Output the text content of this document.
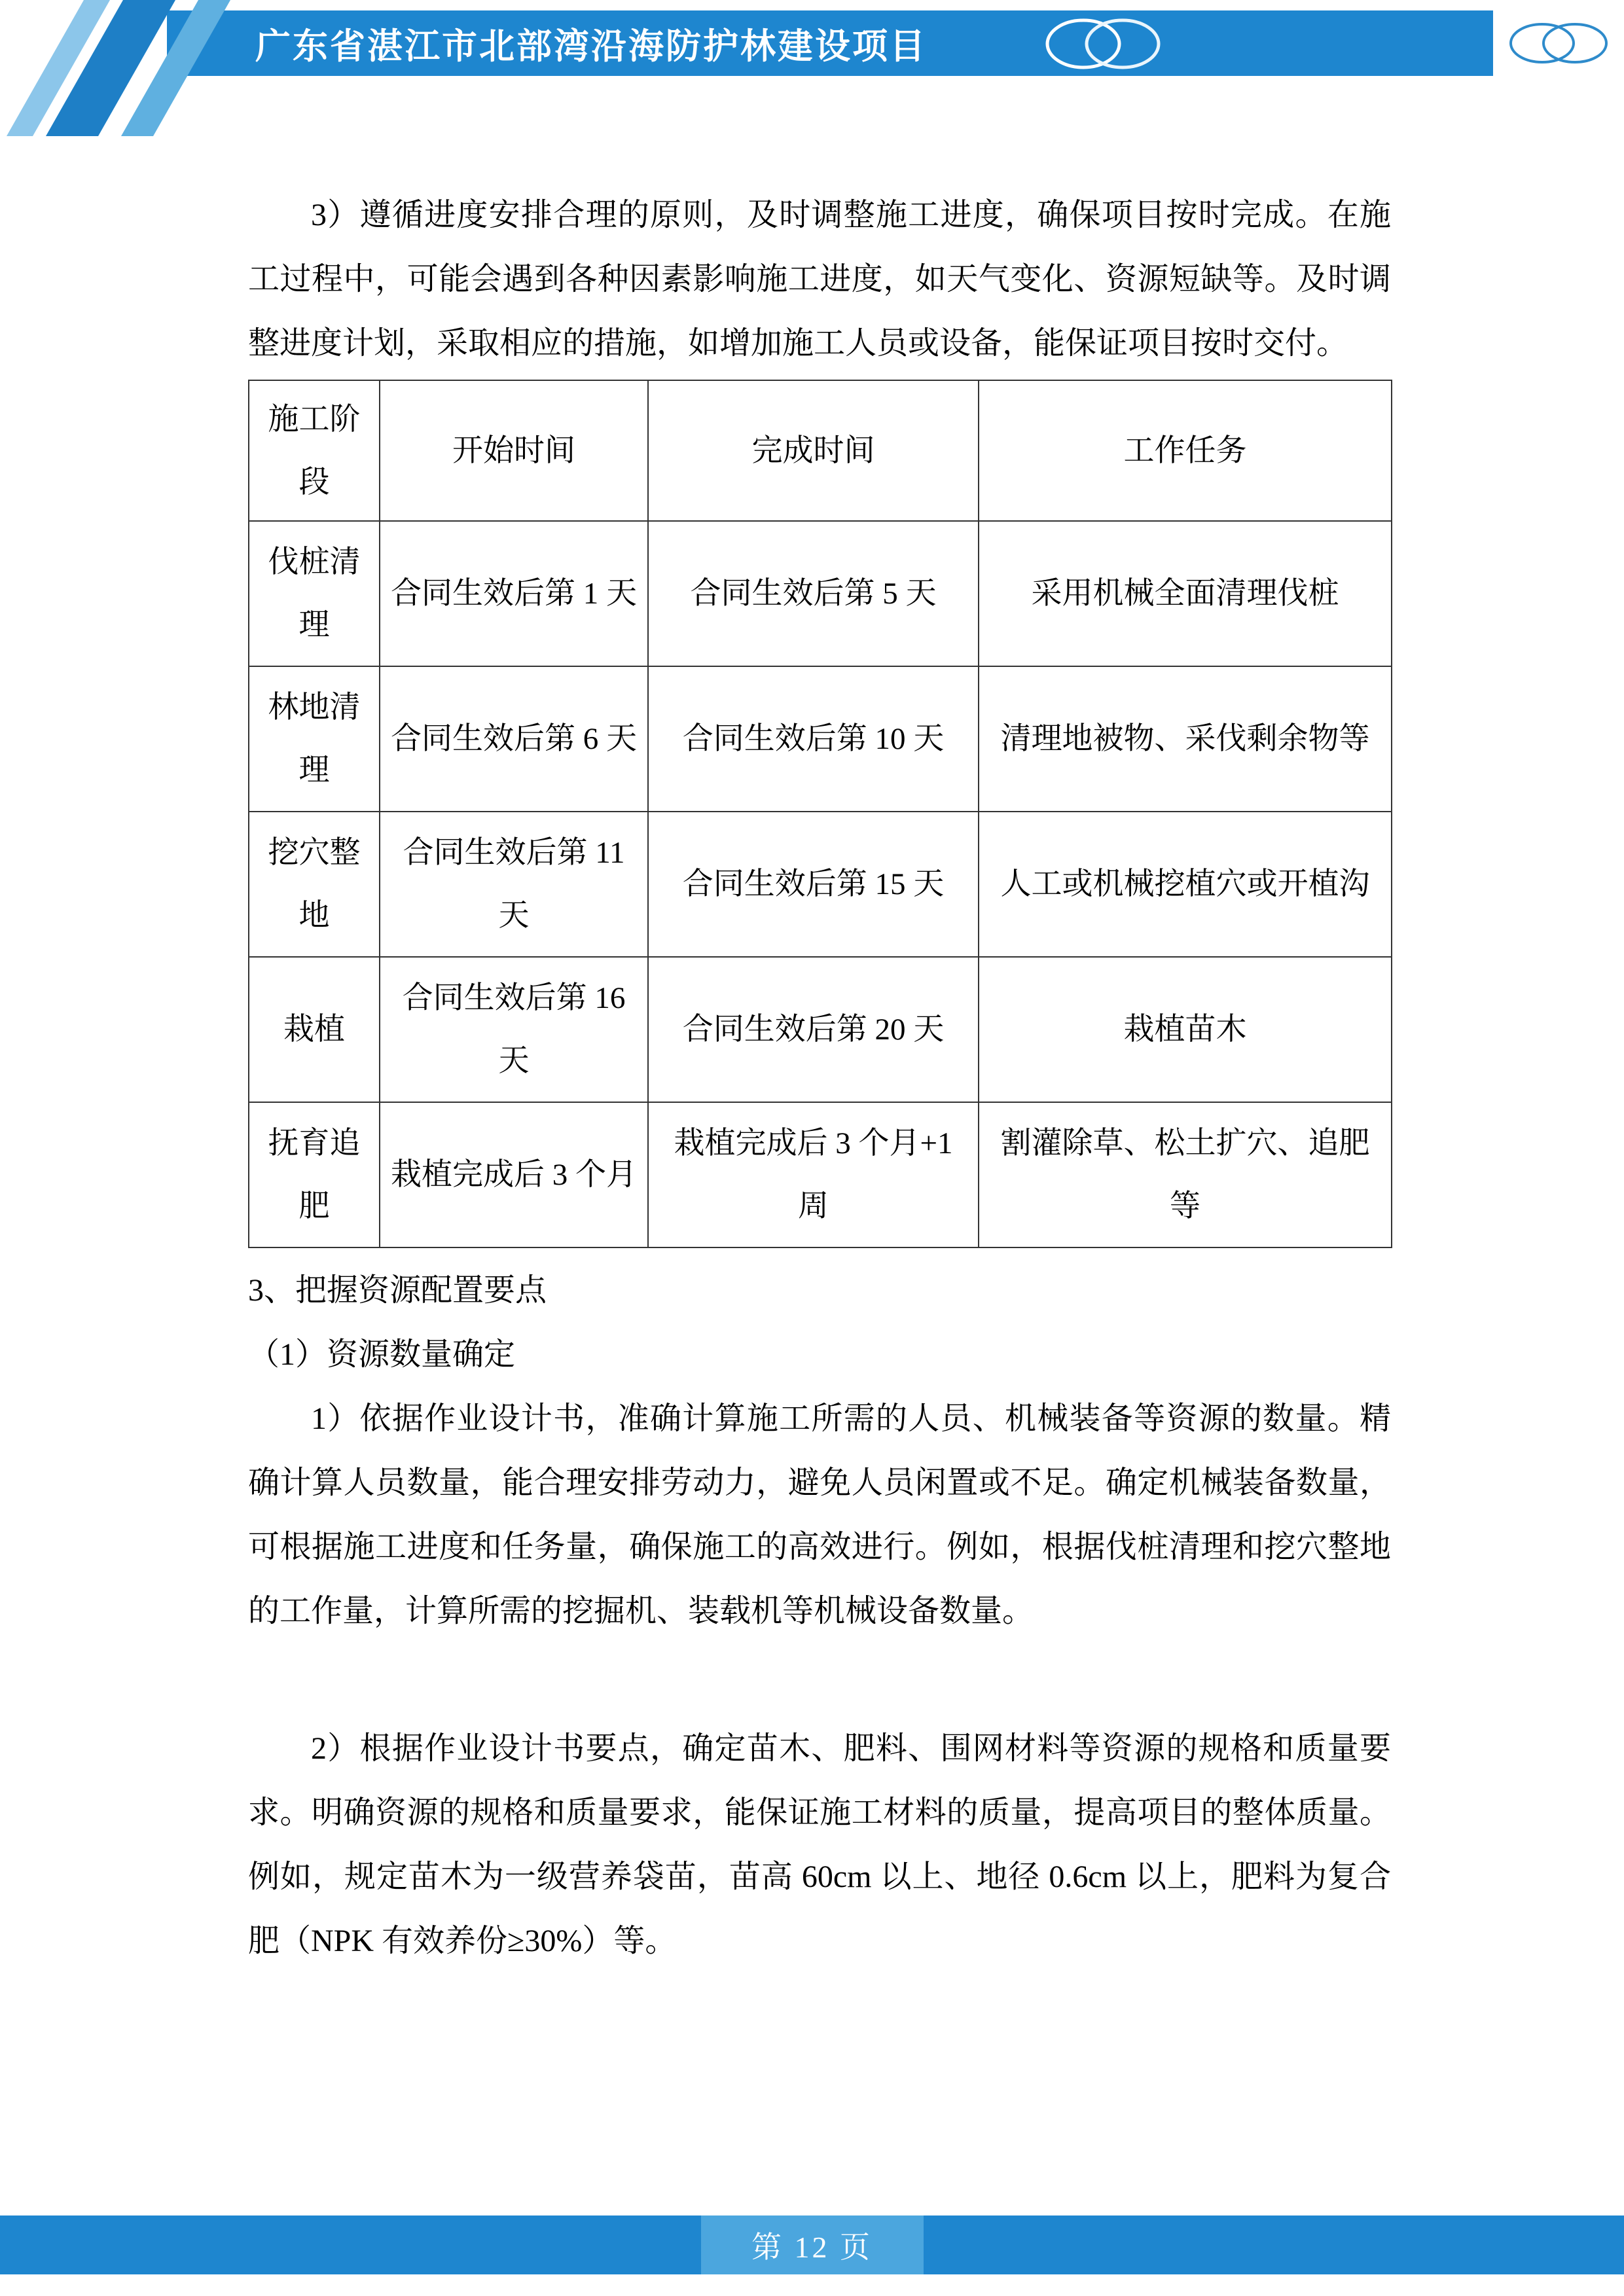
广东省湛江市北部湾沿海防护林建设项目

3）遵循进度安排合理的原则，及时调整施工进度，确保项目按时完成。在施工过程中，可能会遇到各种因素影响施工进度，如天气变化、资源短缺等。及时调整进度计划，采取相应的措施，如增加施工人员或设备，能保证项目按时交付。

施工阶段	开始时间	完成时间	工作任务
伐桩清理	合同生效后第 1 天	合同生效后第 5 天	采用机械全面清理伐桩
林地清理	合同生效后第 6 天	合同生效后第 10 天	清理地被物、采伐剩余物等
挖穴整地	合同生效后第 11 天	合同生效后第 15 天	人工或机械挖植穴或开植沟
栽植	合同生效后第 16 天	合同生效后第 20 天	栽植苗木
抚育追肥	栽植完成后 3 个月	栽植完成后 3 个月+1 周	割灌除草、松土扩穴、追肥等
3、把握资源配置要点
（1）资源数量确定

1）依据作业设计书，准确计算施工所需的人员、机械装备等资源的数量。精确计算人员数量，能合理安排劳动力，避免人员闲置或不足。确定机械装备数量，可根据施工进度和任务量，确保施工的高效进行。例如，根据伐桩清理和挖穴整地的工作量，计算所需的挖掘机、装载机等机械设备数量。

2）根据作业设计书要点，确定苗木、肥料、围网材料等资源的规格和质量要求。明确资源的规格和质量要求，能保证施工材料的质量，提高项目的整体质量。例如，规定苗木为一级营养袋苗，苗高 60cm 以上、地径 0.6cm 以上，肥料为复合肥（NPK 有效养份≥30%）等。

第 12 页
